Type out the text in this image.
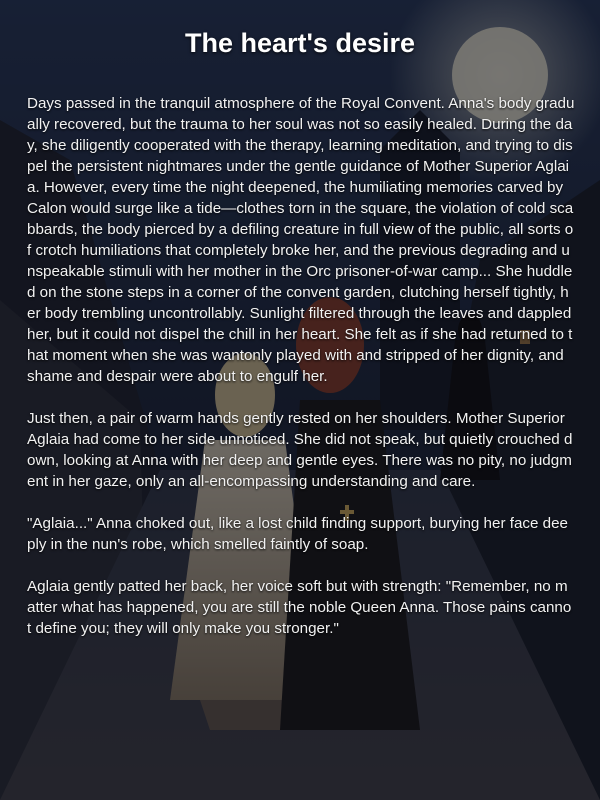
The heart's desire

Days passed in the tranquil atmosphere of the Royal Convent. Anna's body gradually recovered, but the trauma to her soul was not so easily healed. During the day, she diligently cooperated with the therapy, learning meditation, and trying to dispel the persistent nightmares under the gentle guidance of Mother Superior Aglaia. However, every time the night deepened, the humiliating memories carved by Calon would surge like a tide—clothes torn in the square, the violation of cold scabbards, the body pierced by a defiling creature in full view of the public, all sorts of crotch humiliations that completely broke her, and the previous degrading and unspeakable stimuli with her mother in the Orc prisoner-of-war camp... She huddled on the stone steps in a corner of the convent garden, clutching herself tightly, her body trembling uncontrollably. Sunlight filtered through the leaves and dappled her, but it could not dispel the chill in her heart. She felt as if she had returned to that moment when she was wantonly played with and stripped of her dignity, and shame and despair were about to engulf her.

Just then, a pair of warm hands gently rested on her shoulders. Mother Superior Aglaia had come to her side unnoticed. She did not speak, but quietly crouched down, looking at Anna with her deep and gentle eyes. There was no pity, no judgment in her gaze, only an all-encompassing understanding and care.

"Aglaia..." Anna choked out, like a lost child finding support, burying her face deeply in the nun's robe, which smelled faintly of soap.

Aglaia gently patted her back, her voice soft but with strength: "Remember, no matter what has happened, you are still the noble Queen Anna. Those pains cannot define you; they will only make you stronger."
